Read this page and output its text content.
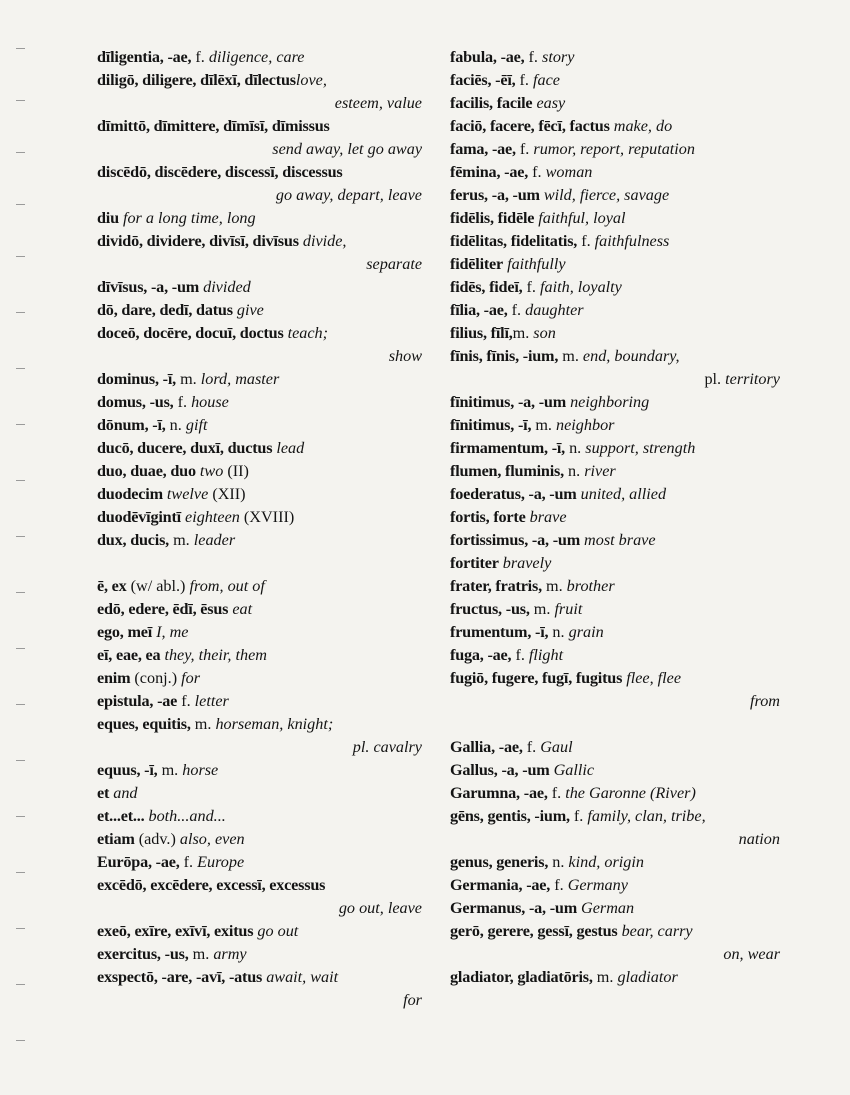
dīligentia, -ae, f. diligence, care
diligō, diligere, dīlēxī, dīlectuslove,
esteem, value
dīmittō, dīmittere, dīmīsī, dīmissus
send away, let go away
discēdō, discēdere, discessī, discessus
go away, depart, leave
diu for a long time, long
dividō, dividere, divīsī, divīsus divide,
separate
dīvīsus, -a, -um divided
dō, dare, dedī, datus give
doceō, docēre, docuī, doctus teach;
show
dominus, -ī, m. lord, master
domus, -us, f. house
dōnum, -ī, n. gift
ducō, ducere, duxī, ductus lead
duo, duae, duo two (II)
duodecim twelve (XII)
duodēvīgintī eighteen (XVIII)
dux, ducis, m. leader
ē, ex (w/ abl.) from, out of
edō, edere, ēdī, ēsus eat
ego, meī I, me
eī, eae, ea they, their, them
enim (conj.) for
epistula, -ae f. letter
eques, equitis, m. horseman, knight;
pl. cavalry
equus, -ī, m. horse
et and
et...et... both...and...
etiam (adv.) also, even
Eurōpa, -ae, f. Europe
excēdō, excēdere, excessī, excessus
go out, leave
exeō, exīre, exīvī, exitus go out
exercitus, -us, m. army
exspectō, -are, -avī, -atus await, wait
for
fabula, -ae, f. story
faciēs, -ēī, f. face
facilis, facile easy
faciō, facere, fēcī, factus make, do
fama, -ae, f. rumor, report, reputation
fēmina, -ae, f. woman
ferus, -a, -um wild, fierce, savage
fidēlis, fidēle faithful, loyal
fidēlitas, fidelitatis, f. faithfulness
fidēliter faithfully
fidēs, fideī, f. faith, loyalty
fīlia, -ae, f. daughter
filius, fīlī,m. son
fīnis, fīnis, -ium, m. end, boundary,
pl. territory
fīnitimus, -a, -um neighboring
fīnitimus, -ī, m. neighbor
firmamentum, -ī, n. support, strength
flumen, fluminis, n. river
foederatus, -a, -um united, allied
fortis, forte brave
fortissimus, -a, -um most brave
fortiter bravely
frater, fratris, m. brother
fructus, -us, m. fruit
frumentum, -ī, n. grain
fuga, -ae, f. flight
fugiō, fugere, fugī, fugitus flee, flee
from
Gallia, -ae, f. Gaul
Gallus, -a, -um Gallic
Garumna, -ae, f. the Garonne (River)
gēns, gentis, -ium, f. family, clan, tribe,
nation
genus, generis, n. kind, origin
Germania, -ae, f. Germany
Germanus, -a, -um German
gerō, gerere, gessī, gestus bear, carry
on, wear
gladiator, gladiatōris, m. gladiator
